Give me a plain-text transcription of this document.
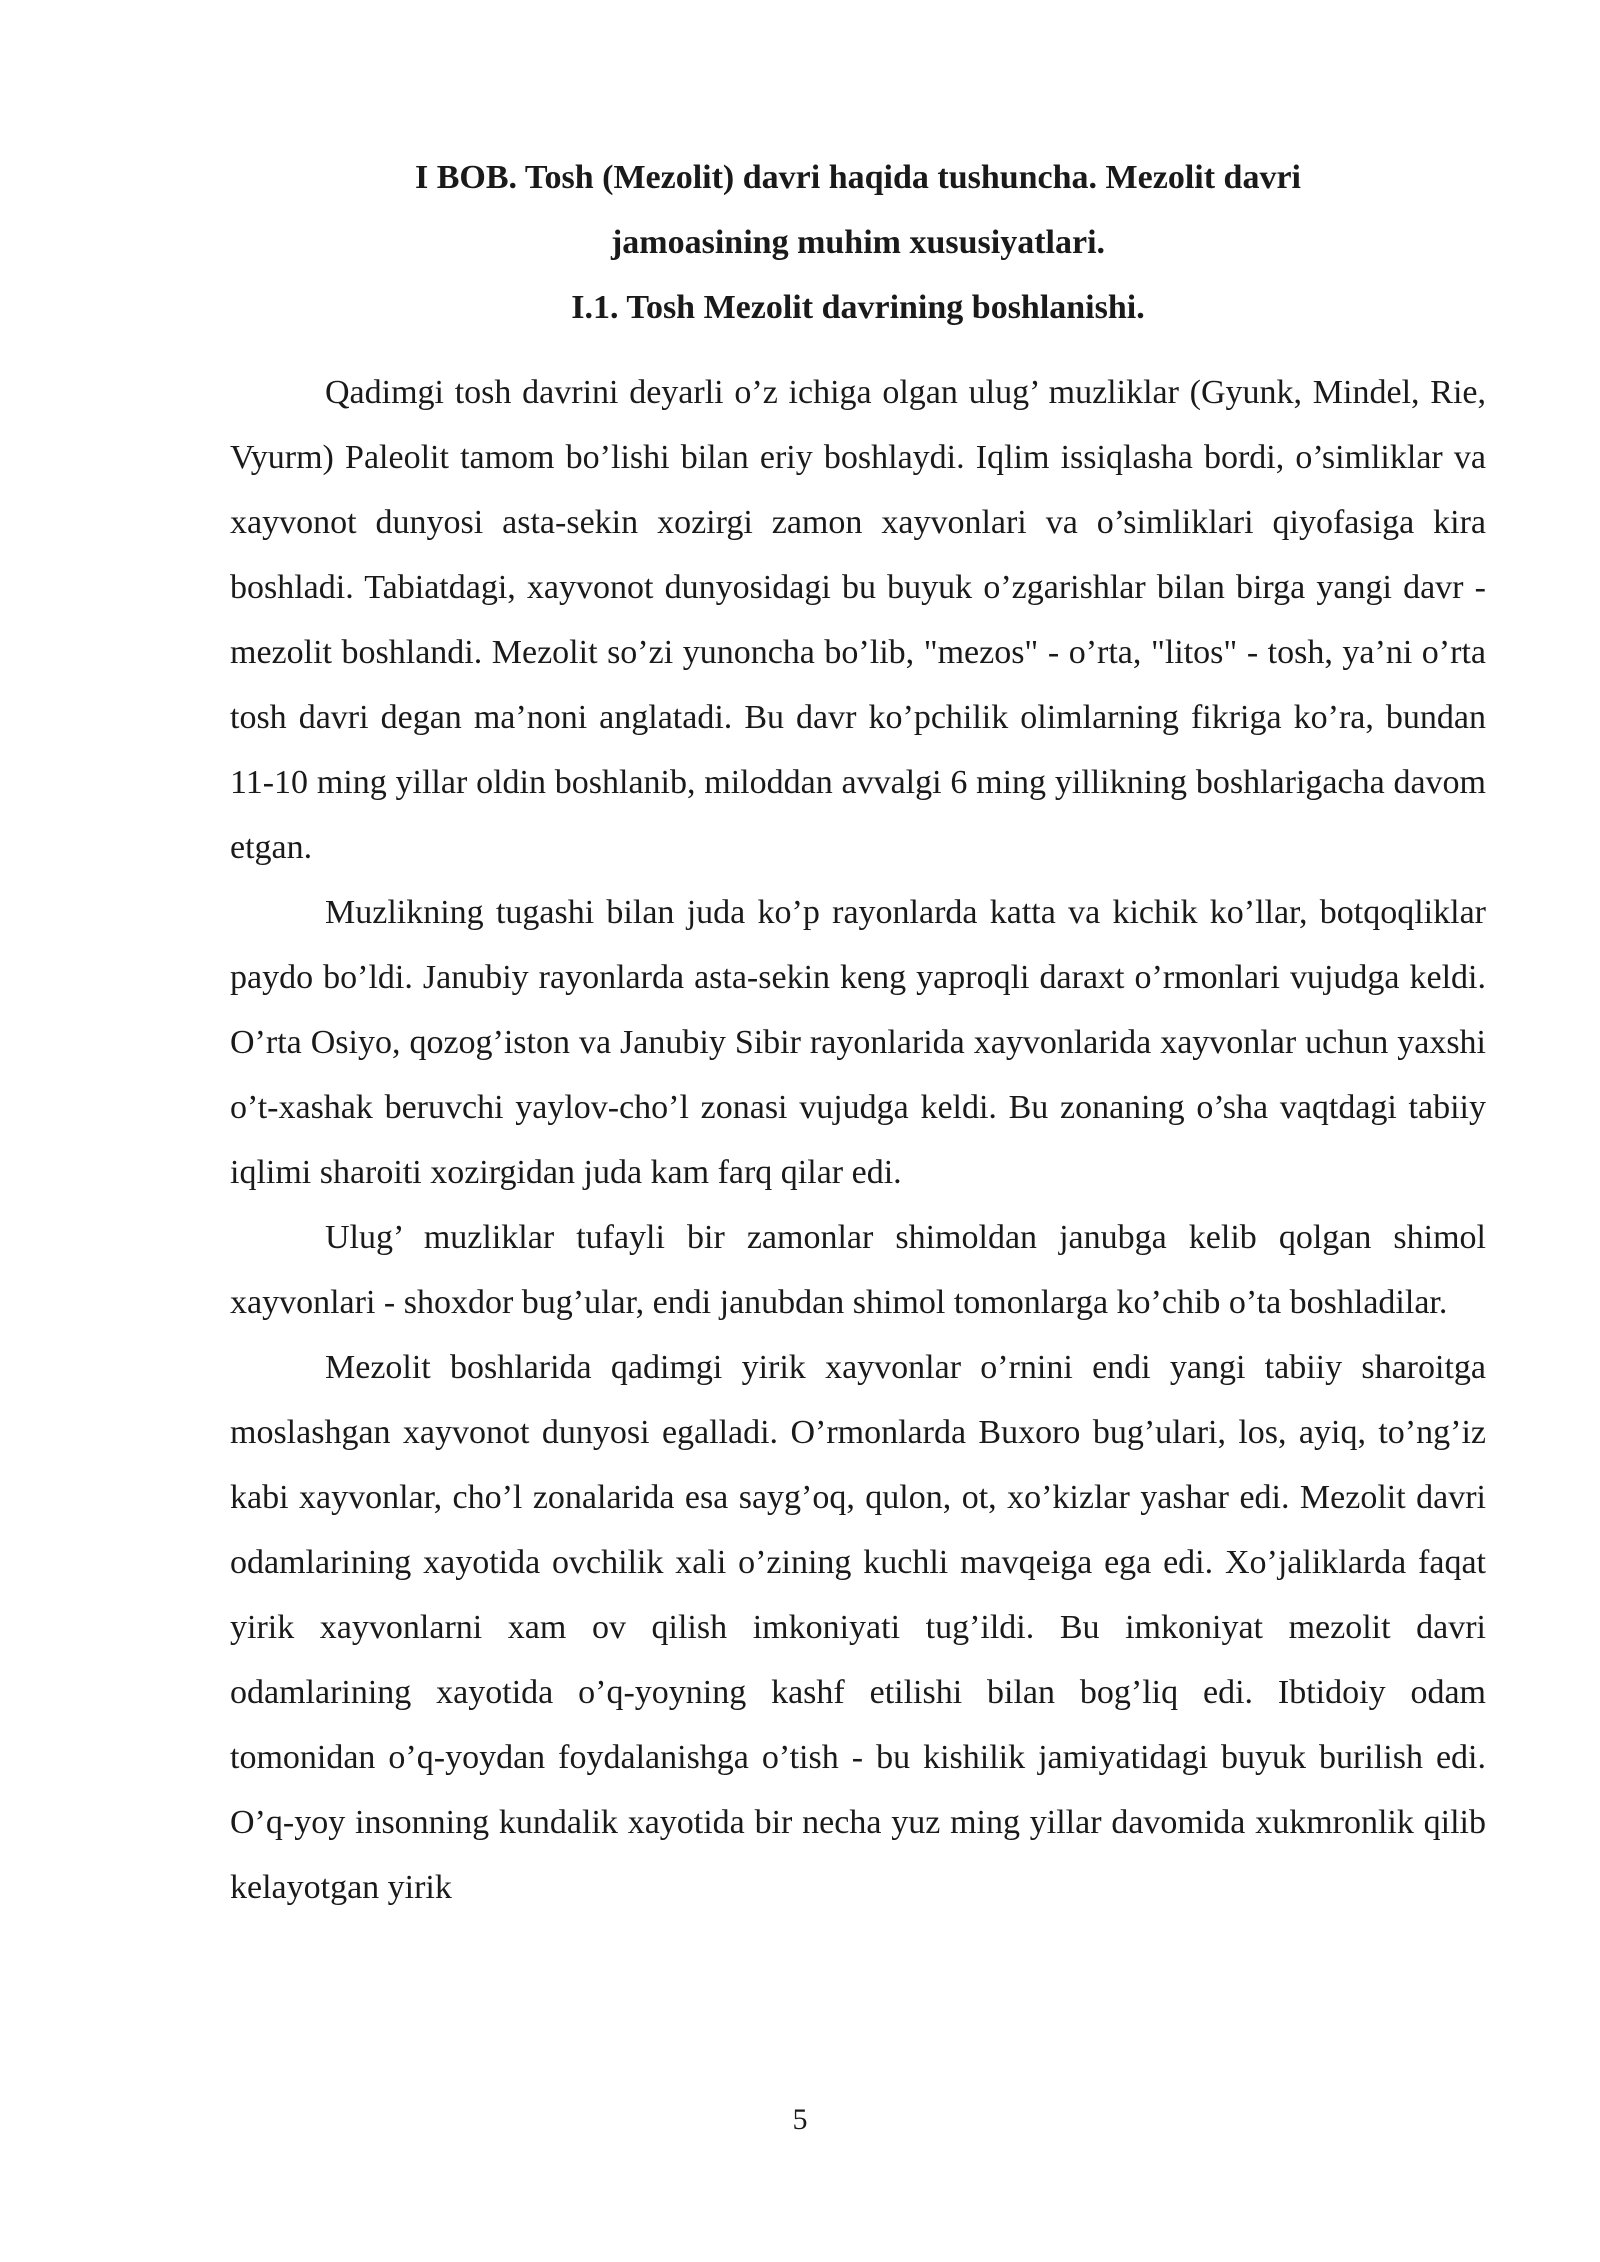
I BOB. Tosh (Mezolit) davri haqida tushuncha. Mezolit davri
jamoasining muhim xususiyatlari.
I.1. Tosh Mezolit davrining boshlanishi.

Qadimgi tosh davrini deyarli o’z ichiga olgan ulug’ muzliklar (Gyunk, Mindel, Rie, Vyurm) Paleolit tamom bo’lishi bilan eriy boshlaydi. Iqlim issiqlasha bordi, o’simliklar va xayvonot dunyosi asta-sekin xozirgi zamon xayvonlari va o’simliklari qiyofasiga kira boshladi. Tabiatdagi, xayvonot dunyosidagi bu buyuk o’zgarishlar bilan birga yangi davr - mezolit boshlandi. Mezolit so’zi yunoncha bo’lib, "mezos" - o’rta, "litos" - tosh, ya’ni o’rta tosh davri degan ma’noni anglatadi. Bu davr ko’pchilik olimlarning fikriga ko’ra, bundan 11-10 ming yillar oldin boshlanib, miloddan avvalgi 6 ming yillikning boshlarigacha davom etgan.

Muzlikning tugashi bilan juda ko’p rayonlarda katta va kichik ko’llar, botqoqliklar paydo bo’ldi. Janubiy rayonlarda asta-sekin keng yaproqli daraxt o’rmonlari vujudga keldi. O’rta Osiyo, qozog’iston va Janubiy Sibir rayonlarida xayvonlarida xayvonlar uchun yaxshi o’t-xashak beruvchi yaylov-cho’l zonasi vujudga keldi. Bu zonaning o’sha vaqtdagi tabiiy iqlimi sharoiti xozirgidan juda kam farq qilar edi.

Ulug’ muzliklar tufayli bir zamonlar shimoldan janubga kelib qolgan shimol xayvonlari - shoxdor bug’ular, endi janubdan shimol tomonlarga ko’chib o’ta boshladilar.

Mezolit boshlarida qadimgi yirik xayvonlar o’rnini endi yangi tabiiy sharoitga moslashgan xayvonot dunyosi egalladi. O’rmonlarda Buxoro bug’ulari, los, ayiq, to’ng’iz kabi xayvonlar, cho’l zonalarida esa sayg’oq, qulon, ot, xo’kizlar yashar edi. Mezolit davri odamlarining xayotida ovchilik xali o’zining kuchli mavqeiga ega edi. Xo’jaliklarda faqat yirik xayvonlarni xam ov qilish imkoniyati tug’ildi. Bu imkoniyat mezolit davri odamlarining xayotida o’q-yoyning kashf etilishi bilan bog’liq edi. Ibtidoiy odam tomonidan o’q-yoydan foydalanishga o’tish - bu kishilik jamiyatidagi buyuk burilish edi. O’q-yoy insonning kundalik xayotida bir necha yuz ming yillar davomida xukmronlik qilib kelayotgan yirik

5
